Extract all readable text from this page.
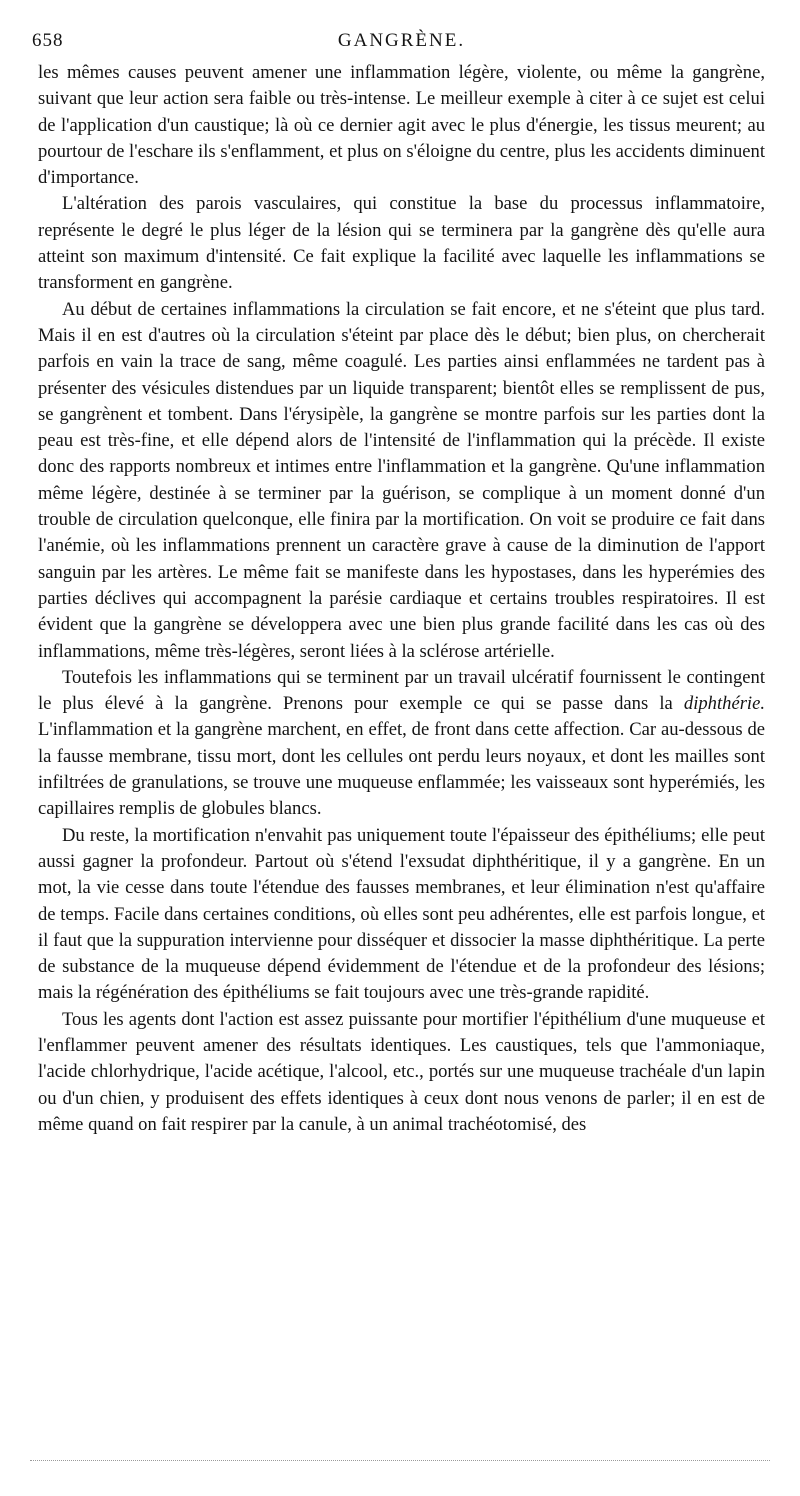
658	GANGRÈNE.

les mêmes causes peuvent amener une inflammation légère, violente, ou même la gangrène, suivant que leur action sera faible ou très-intense. Le meilleur exemple à citer à ce sujet est celui de l'application d'un caustique; là où ce dernier agit avec le plus d'énergie, les tissus meurent; au pourtour de l'eschare ils s'enflamment, et plus on s'éloigne du centre, plus les accidents diminuent d'importance.

L'altération des parois vasculaires, qui constitue la base du processus inflammatoire, représente le degré le plus léger de la lésion qui se terminera par la gangrène dès qu'elle aura atteint son maximum d'intensité. Ce fait explique la facilité avec laquelle les inflammations se transforment en gangrène.

Au début de certaines inflammations la circulation se fait encore, et ne s'éteint que plus tard. Mais il en est d'autres où la circulation s'éteint par place dès le début; bien plus, on chercherait parfois en vain la trace de sang, même coagulé. Les parties ainsi enflammées ne tardent pas à présenter des vésicules distendues par un liquide transparent; bientôt elles se remplissent de pus, se gangrènent et tombent. Dans l'érysipèle, la gangrène se montre parfois sur les parties dont la peau est très-fine, et elle dépend alors de l'intensité de l'inflammation qui la précède. Il existe donc des rapports nombreux et intimes entre l'inflammation et la gangrène. Qu'une inflammation même légère, destinée à se terminer par la guérison, se complique à un moment donné d'un trouble de circulation quelconque, elle finira par la mortification. On voit se produire ce fait dans l'anémie, où les inflammations prennent un caractère grave à cause de la diminution de l'apport sanguin par les artères. Le même fait se manifeste dans les hypostases, dans les hyperémies des parties déclives qui accompagnent la parésie cardiaque et certains troubles respiratoires. Il est évident que la gangrène se développera avec une bien plus grande facilité dans les cas où des inflammations, même très-légères, seront liées à la sclérose artérielle.

Toutefois les inflammations qui se terminent par un travail ulcératif fournissent le contingent le plus élevé à la gangrène. Prenons pour exemple ce qui se passe dans la diphthérie. L'inflammation et la gangrène marchent, en effet, de front dans cette affection. Car au-dessous de la fausse membrane, tissu mort, dont les cellules ont perdu leurs noyaux, et dont les mailles sont infiltrées de granulations, se trouve une muqueuse enflammée; les vaisseaux sont hyperémiés, les capillaires remplis de globules blancs.

Du reste, la mortification n'envahit pas uniquement toute l'épaisseur des épithéliums; elle peut aussi gagner la profondeur. Partout où s'étend l'exsudat diphthéritique, il y a gangrène. En un mot, la vie cesse dans toute l'étendue des fausses membranes, et leur élimination n'est qu'affaire de temps. Facile dans certaines conditions, où elles sont peu adhérentes, elle est parfois longue, et il faut que la suppuration intervienne pour disséquer et dissocier la masse diphthéritique. La perte de substance de la muqueuse dépend évidemment de l'étendue et de la profondeur des lésions; mais la régénération des épithéliums se fait toujours avec une très-grande rapidité.

Tous les agents dont l'action est assez puissante pour mortifier l'épithélium d'une muqueuse et l'enflammer peuvent amener des résultats identiques. Les caustiques, tels que l'ammoniaque, l'acide chlorhydrique, l'acide acétique, l'alcool, etc., portés sur une muqueuse trachéale d'un lapin ou d'un chien, y produisent des effets identiques à ceux dont nous venons de parler; il en est de même quand on fait respirer par la canule, à un animal trachéotomisé, des
